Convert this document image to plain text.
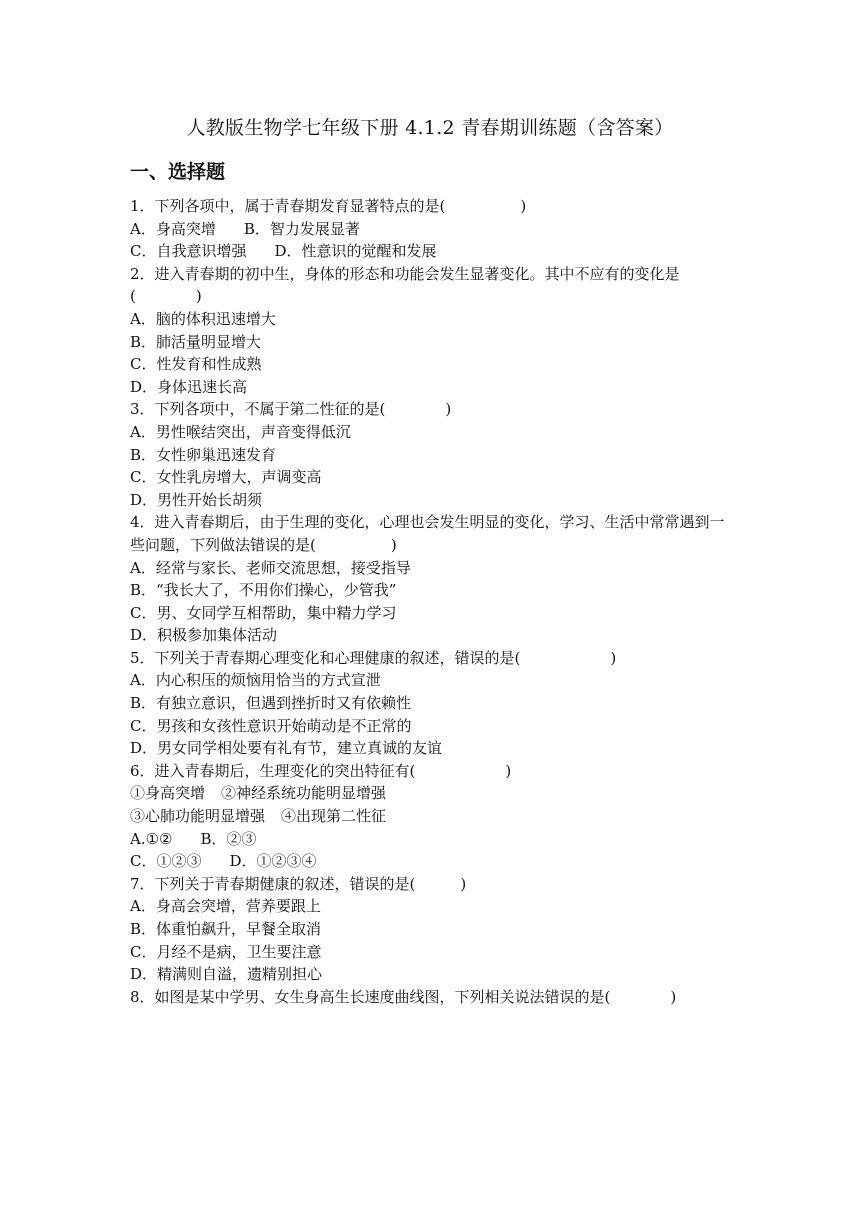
人教版生物学七年级下册 4.1.2 青春期训练题（含答案）
一、选择题
1．下列各项中，属于青春期发育显著特点的是(　　　　　)
A．身高突增 B．智力发展显著
C．自我意识增强 D．性意识的觉醒和发展
2．进入青春期的初中生，身体的形态和功能会发生显著变化。其中不应有的变化是(　　　　)
A．脑的体积迅速增大
B．肺活量明显增大
C．性发育和性成熟
D．身体迅速长高
3．下列各项中，不属于第二性征的是(　　　　)
A．男性喉结突出，声音变得低沉
B．女性卵巢迅速发育
C．女性乳房增大，声调变高
D．男性开始长胡须
4．进入青春期后，由于生理的变化，心理也会发生明显的变化，学习、生活中常常遇到一些问题，下列做法错误的是(　　　　　)
A．经常与家长、老师交流思想，接受指导
B．“我长大了，不用你们操心，少管我”
C．男、女同学互相帮助，集中精力学习
D．积极参加集体活动
5．下列关于青春期心理变化和心理健康的叙述，错误的是(　　　　　　)
A．内心积压的烦恼用恰当的方式宣泄
B．有独立意识，但遇到挫折时又有依赖性
C．男孩和女孩性意识开始萌动是不正常的
D．男女同学相处要有礼有节，建立真诚的友谊
6．进入青春期后，生理变化的突出特征有(　　　　　　)
①身高突增 ②神经系统功能明显增强
③心肺功能明显增强 ④出现第二性征
A.①② B．②③
C．①②③ D．①②③④
7．下列关于青春期健康的叙述，错误的是(　　　)
A．身高会突增，营养要跟上
B．体重怕飙升，早餐全取消
C．月经不是病，卫生要注意
D．精满则自溢，遗精别担心
8．如图是某中学男、女生身高生长速度曲线图，下列相关说法错误的是(　　　　)
